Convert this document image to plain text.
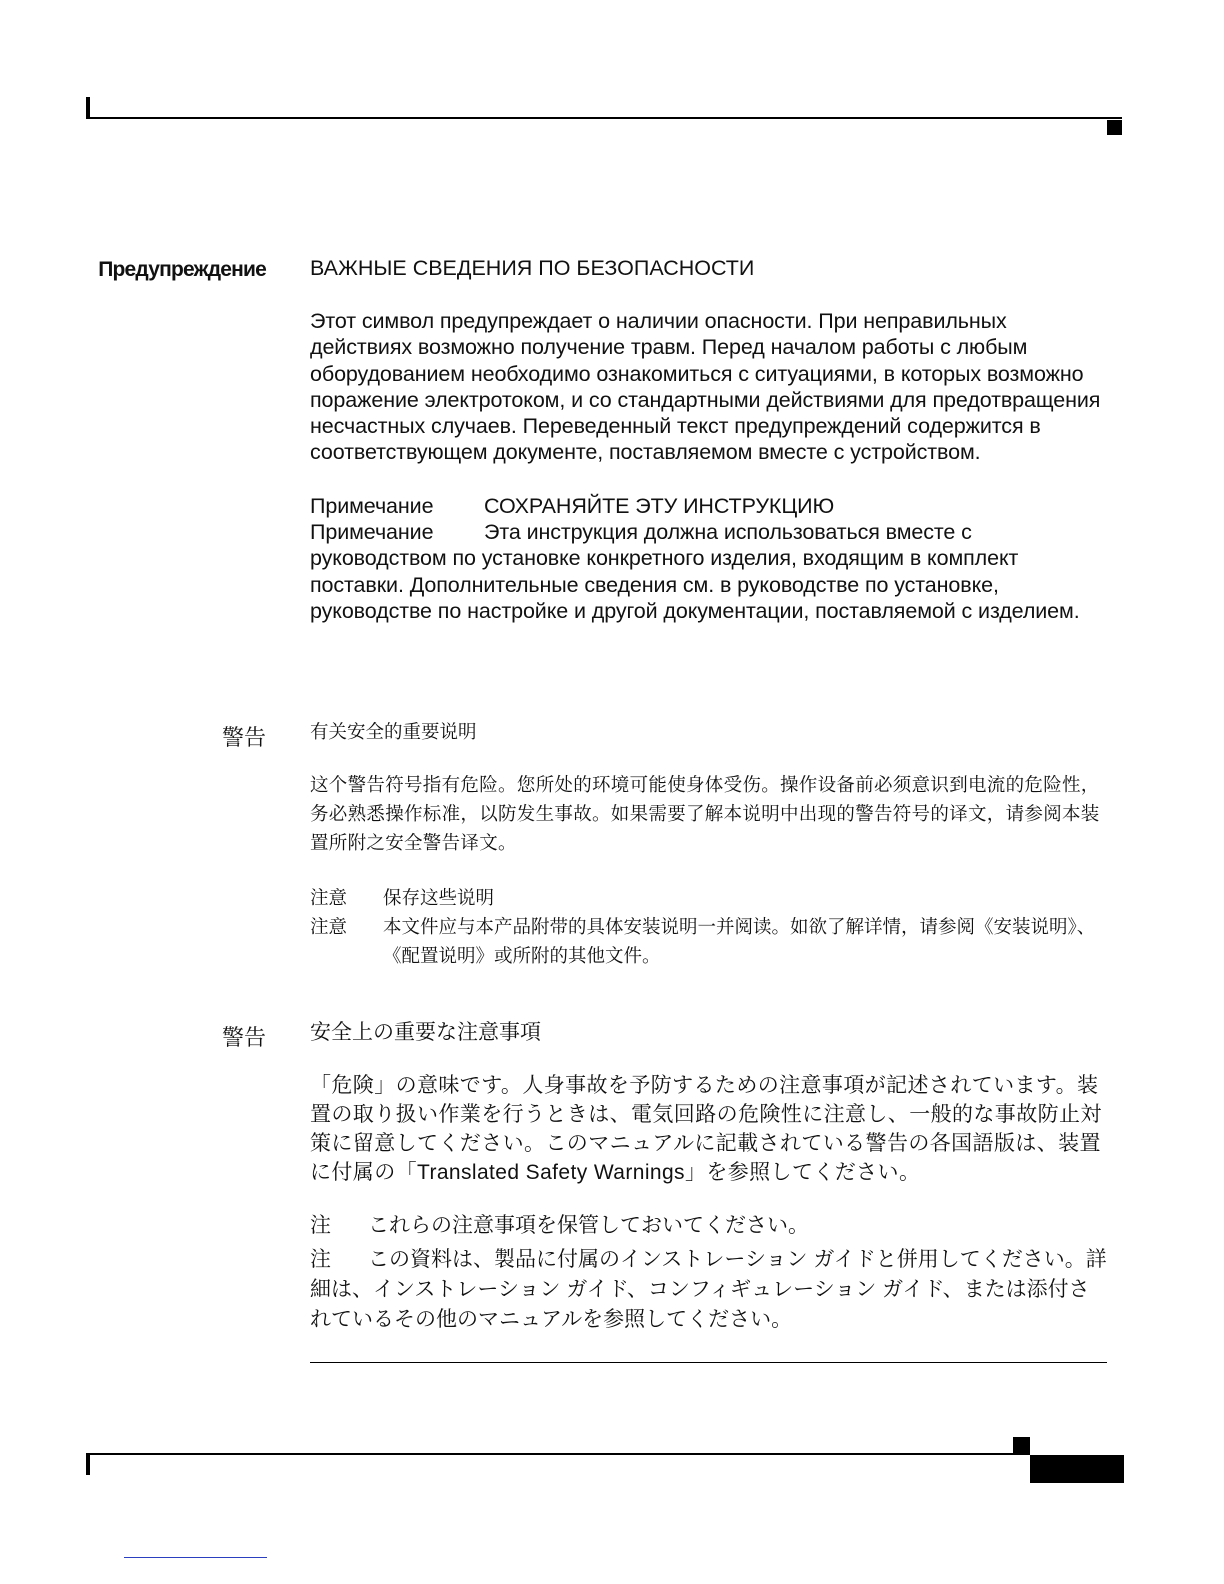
Предупреждение ВАЖНЫЕ СВЕДЕНИЯ ПО БЕЗОПАСНОСТИ

Этот символ предупреждает о наличии опасности. При неправильных действиях возможно получение травм. Перед началом работы с любым оборудованием необходимо ознакомиться с ситуациями, в которых возможно поражение электротоком, и со стандартными действиями для предотвращения несчастных случаев. Переведенный текст предупреждений содержится в соответствующем документе, поставляемом вместе с устройством.

Примечание СОХРАНЯЙТЕ ЭТУ ИНСТРУКЦИЮ

Примечание Эта инструкция должна использоваться вместе с руководством по установке конкретного изделия, входящим в комплект поставки. Дополнительные сведения см. в руководстве по установке, руководстве по настройке и другой документации, поставляемой с изделием.

警告 有关安全的重要说明

这个警告符号指有危险。您所处的环境可能使身体受伤。操作设备前必须意识到电流的危险性，务必熟悉操作标准，以防发生事故。如果需要了解本说明中出现的警告符号的译文，请参阅本装置所附之安全警告译文。

注意 保存这些说明
注意	本文件应与本产品附带的具体安装说明一并阅读。如欲了解详情，请参阅《安装说明》、《配置说明》或所附的其他文件。
警告 安全上の重要な注意事項

「危険」の意味です。人身事故を予防するための注意事項が記述されています。装置の取り扱い作業を行うときは、電気回路の危険性に注意し、一般的な事故防止対策に留意してください。このマニュアルに記載されている警告の各国語版は、装置に付属の「Translated Safety Warnings」を参照してください。

注 これらの注意事項を保管しておいてください。

注 この資料は、製品に付属のインストレーション ガイドと併用してください。詳細は、インストレーション ガイド、コンフィギュレーション ガイド、または添付されているその他のマニュアルを参照してください。
